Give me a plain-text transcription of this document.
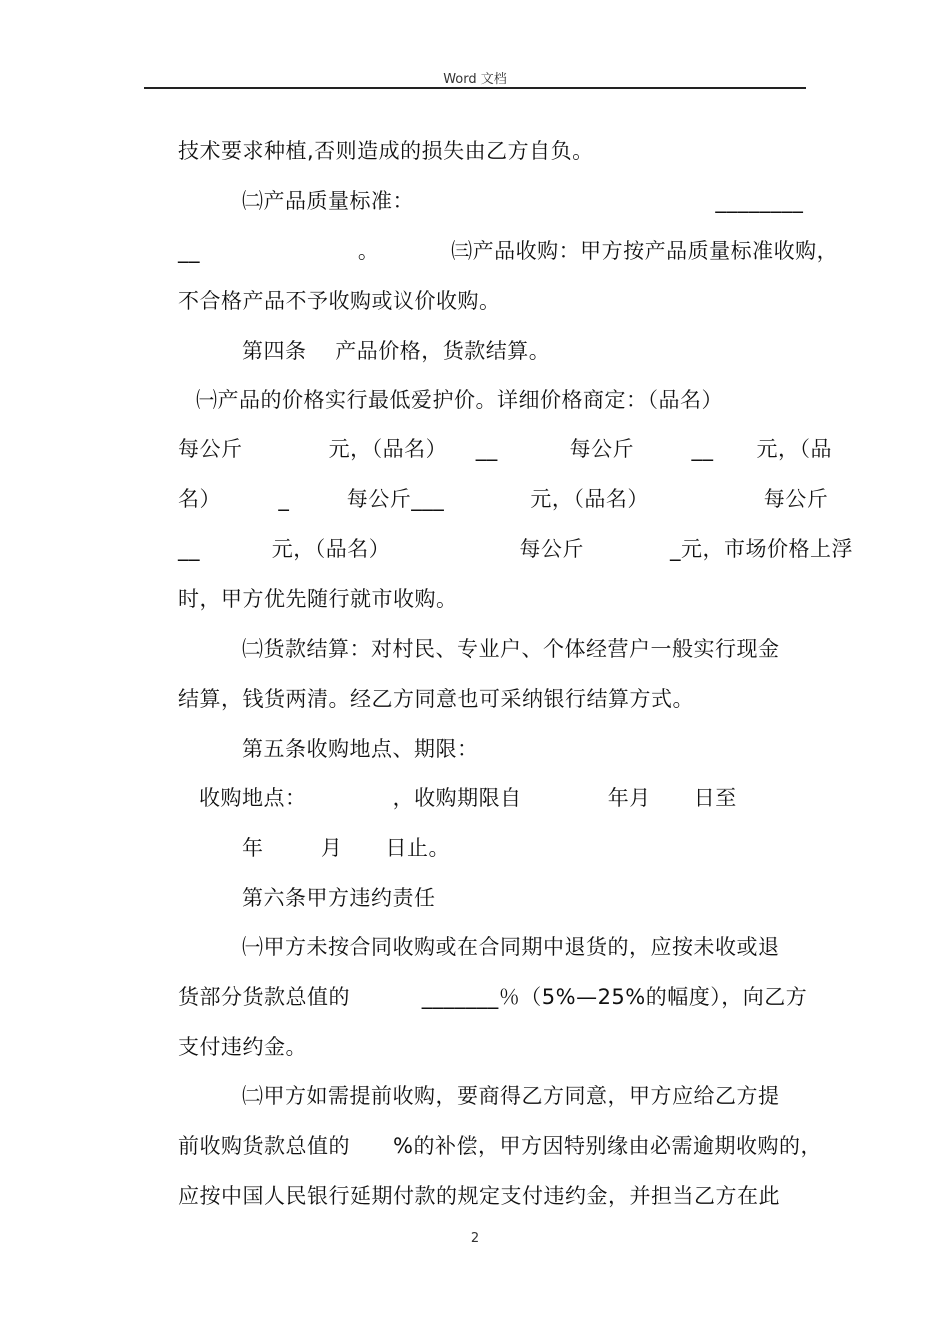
Word 文档
技术要求种植,否则造成的损失由乙方自负。
㈡产品质量标准：                                          ________
__                      。          ㈢产品收购：甲方按产品质量标准收购，
不合格产品不予收购或议价收购。
第四条    产品价格，货款结算。
㈠产品的价格实行最低爱护价。详细价格商定：（品名）
每公斤            元，（品名）    __          每公斤        __      元，（品
名）        _        每公斤___            元，（品名）                每公斤
__          元，（品名）                  每公斤            _元，市场价格上浮
时，甲方优先随行就市收购。
㈡货款结算：对村民、专业户、个体经营户一般实行现金
结算，钱货两清。经乙方同意也可采纳银行结算方式。
第五条收购地点、期限：
收购地点：            ，收购期限自            年月      日至
年        月      日止。
第六条甲方违约责任
㈠甲方未按合同收购或在合同期中退货的，应按未收或退
货部分货款总值的          _______％（5%—25%的幅度），向乙方
支付违约金。
㈡甲方如需提前收购，要商得乙方同意，甲方应给乙方提
前收购货款总值的      %的补偿，甲方因特别缘由必需逾期收购的，
应按中国人民银行延期付款的规定支付违约金，并担当乙方在此
2
